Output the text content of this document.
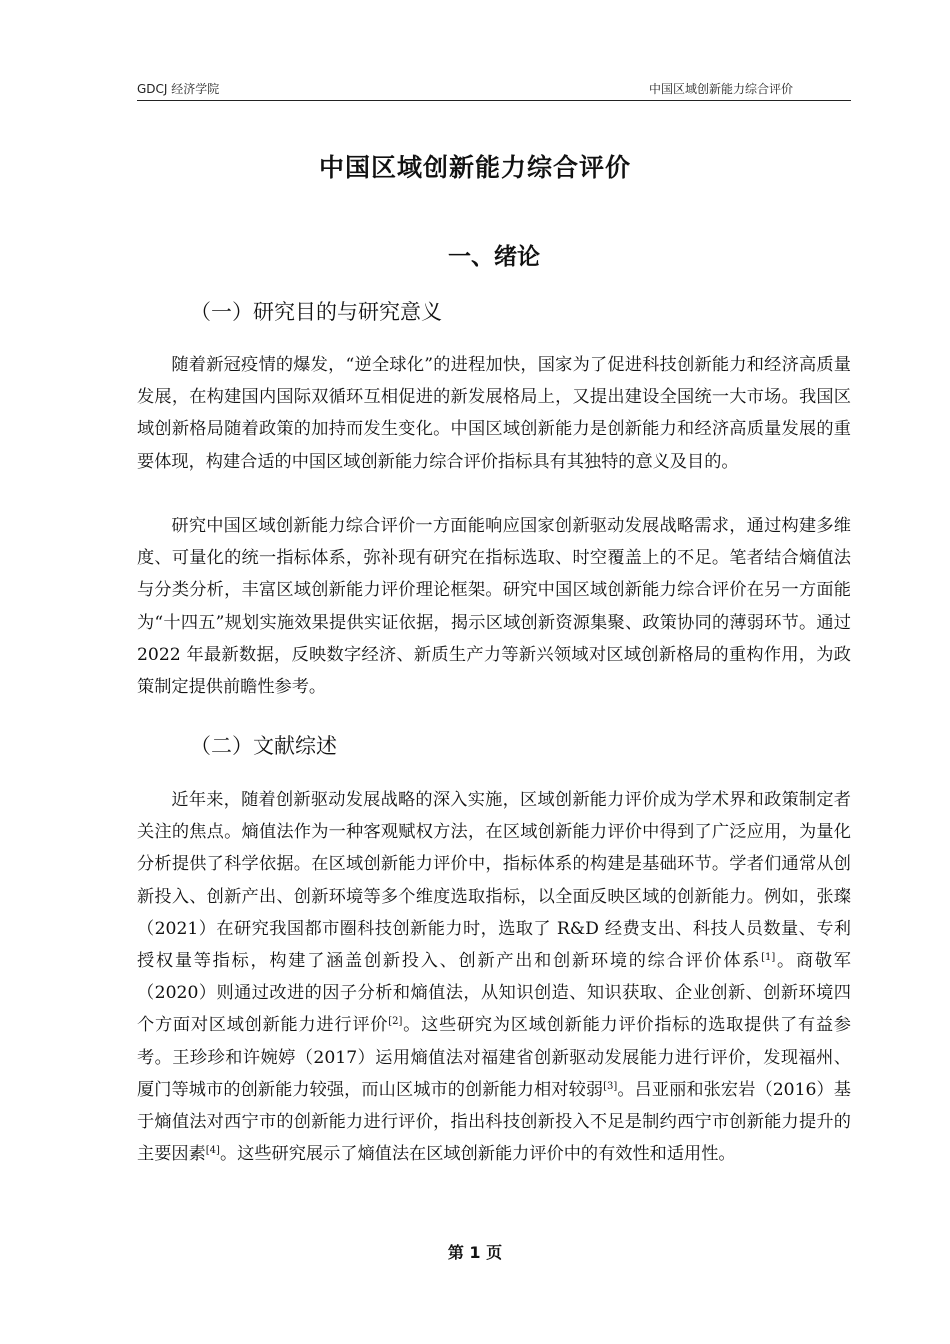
GDCJ 经济学院	中国区域创新能力综合评价
中国区域创新能力综合评价
一、绪论
（一）研究目的与研究意义

随着新冠疫情的爆发，“逆全球化”的进程加快，国家为了促进科技创新能力和经济高质量发展，在构建国内国际双循环互相促进的新发展格局上，又提出建设全国统一大市场。我国区域创新格局随着政策的加持而发生变化。中国区域创新能力是创新能力和经济高质量发展的重要体现，构建合适的中国区域创新能力综合评价指标具有其独特的意义及目的。

研究中国区域创新能力综合评价一方面能响应国家创新驱动发展战略需求，通过构建多维度、可量化的统一指标体系，弥补现有研究在指标选取、时空覆盖上的不足。笔者结合熵值法与分类分析，丰富区域创新能力评价理论框架。研究中国区域创新能力综合评价在另一方面能为“十四五”规划实施效果提供实证依据，揭示区域创新资源集聚、政策协同的薄弱环节。通过 2022 年最新数据，反映数字经济、新质生产力等新兴领域对区域创新格局的重构作用，为政策制定提供前瞻性参考。

（二）文献综述

近年来，随着创新驱动发展战略的深入实施，区域创新能力评价成为学术界和政策制定者关注的焦点。熵值法作为一种客观赋权方法，在区域创新能力评价中得到了广泛应用，为量化分析提供了科学依据。在区域创新能力评价中，指标体系的构建是基础环节。学者们通常从创新投入、创新产出、创新环境等多个维度选取指标，以全面反映区域的创新能力。例如，张璨（2021）在研究我国都市圈科技创新能力时，选取了 R&D 经费支出、科技人员数量、专利授权量等指标，构建了涵盖创新投入、创新产出和创新环境的综合评价体系[1]。商敬军（2020）则通过改进的因子分析和熵值法，从知识创造、知识获取、企业创新、创新环境四个方面对区域创新能力进行评价[2]。这些研究为区域创新能力评价指标的选取提供了有益参考。王珍珍和许婉婷（2017）运用熵值法对福建省创新驱动发展能力进行评价，发现福州、厦门等城市的创新能力较强，而山区城市的创新能力相对较弱[3]。吕亚丽和张宏岩（2016）基于熵值法对西宁市的创新能力进行评价，指出科技创新投入不足是制约西宁市创新能力提升的主要因素[4]。这些研究展示了熵值法在区域创新能力评价中的有效性和适用性。

第 1 页
